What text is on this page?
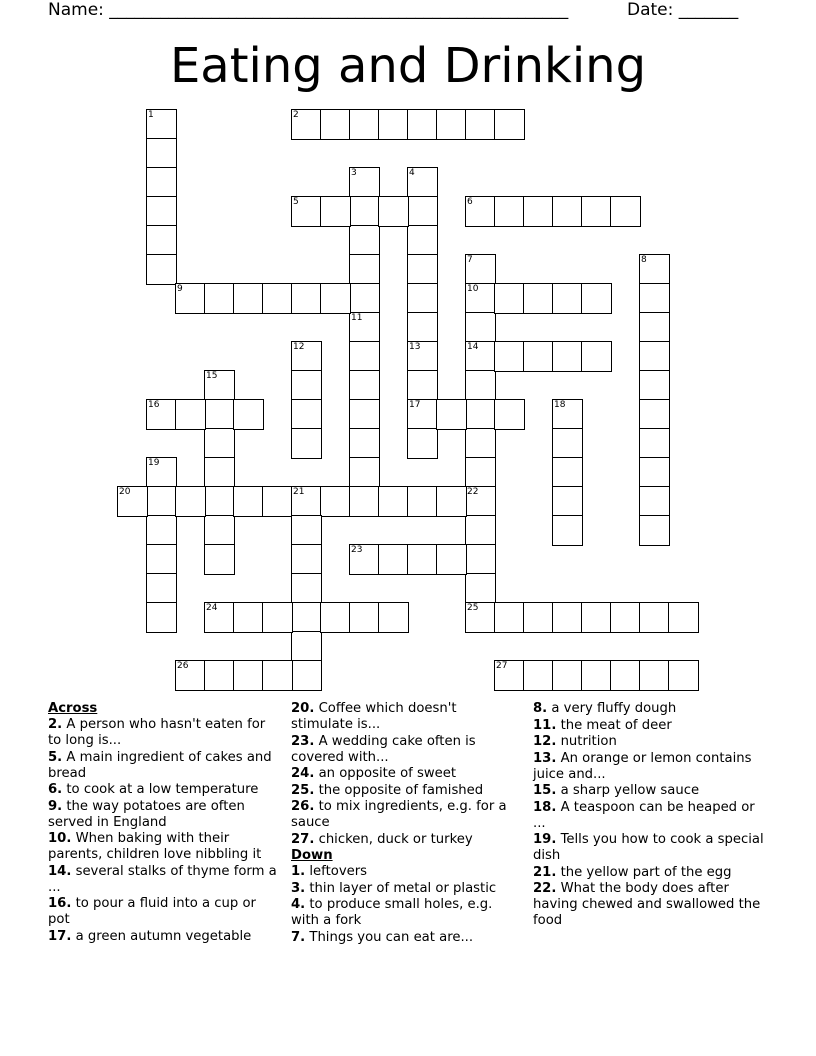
Name: ______________________________________________________	Date: _______
Eating and Drinking
1	2
3
11
4
5	6
7
10
14
22
8
9
12	13
17
15
16	18
19
20	21
23
24	25
26	27
Across
2. A person who hasn't eaten for to long is...
5. A main ingredient of cakes and bread
6. to cook at a low temperature
9. the way potatoes are often served in England
10. When baking with their parents, children love nibbling it
14. several stalks of thyme form a ...
16. to pour a fluid into a cup or pot
17. a green autumn vegetable
20. Coffee which doesn't stimulate is...
23. A wedding cake often is covered with...
24. an opposite of sweet
25. the opposite of famished
26. to mix ingredients, e.g. for a sauce
27. chicken, duck or turkey
Down
1. leftovers
3. thin layer of metal or plastic
4. to produce small holes, e.g. with a fork
7. Things you can eat are...
8. a very fluffy dough
11. the meat of deer
12. nutrition
13. An orange or lemon contains juice and...
15. a sharp yellow sauce
18. A teaspoon can be heaped or ...
19. Tells you how to cook a special dish
21. the yellow part of the egg
22. What the body does after having chewed and swallowed the food
